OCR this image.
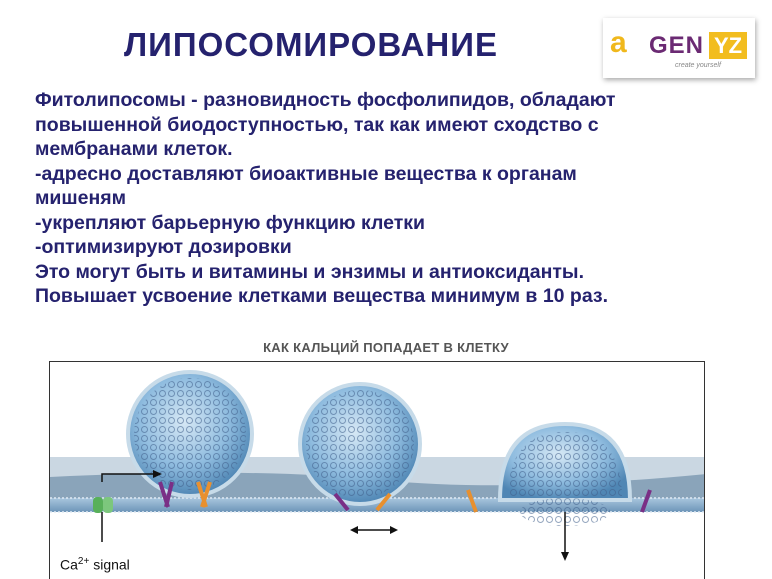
ЛИПОСОМИРОВАНИЕ	a GEN YZ
create yourself
Фитолипосомы - разновидность фосфолипидов, обладают
повышенной биодоступностью, так как имеют сходство с
мембранами клеток.
-адресно доставляют биоактивные вещества к органам
мишеням
-укрепляют барьерную функцию клетки
-оптимизируют дозировки
Это могут быть и витамины и энзимы и антиоксиданты.
Повышает усвоение клетками вещества минимум в 10 раз.
КАК КАЛЬЦИЙ ПОПАДАЕТ В КЛЕТКУ
$Ca^{2+}$ signal
